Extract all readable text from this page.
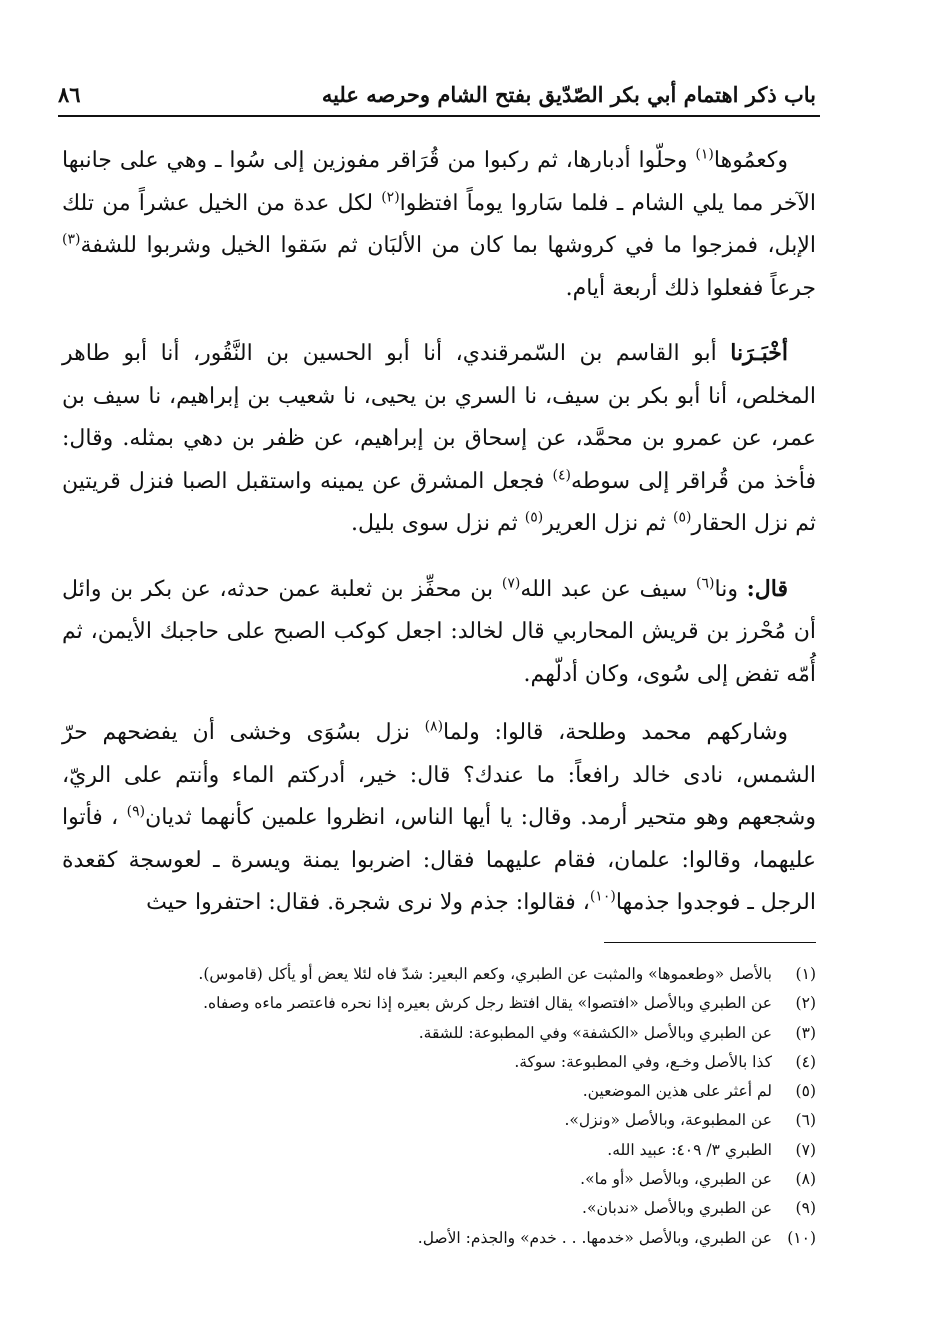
باب ذكر اهتمام أبي بكر الصّدّيق بفتح الشام وحرصه عليه
٨٦

وكعمُوها$^{(١)}$ وحلّوا أدبارها، ثم ركبوا من قُرَاقر مفوزين إلى سُوا ـ وهي على جانبها الآخر مما يلي الشام ـ فلما سَاروا يوماً افتظوا$^{(٢)}$ لكل عدة من الخيل عشراً من تلك الإبل، فمزجوا ما في كروشها بما كان من الألبَان ثم سَقوا الخيل وشربوا للشفة$^{(٣)}$ جرعاً ففعلوا ذلك أربعة أيام.

أخْبَـرَنا أبو القاسم بن السّمرقندي، أنا أبو الحسين بن النَّقُور، أنا أبو طاهر المخلص، أنا أبو بكر بن سيف، نا السري بن يحيى، نا شعيب بن إبراهيم، نا سيف بن عمر، عن عمرو بن محمَّد، عن إسحاق بن إبراهيم، عن ظفر بن دهي بمثله. وقال: فأخذ من قُراقر إلى سوطه$^{(٤)}$ فجعل المشرق عن يمينه واستقبل الصبا فنزل قريتين ثم نزل الحقار$^{(٥)}$ ثم نزل العرير$^{(٥)}$ ثم نزل سوى بليل.

قال: ونا$^{(٦)}$ سيف عن عبد الله$^{(٧)}$ بن محفِّز بن ثعلبة عمن حدثه، عن بكر بن وائل أن مُحْرز بن قريش المحاربي قال لخالد: اجعل كوكب الصبح على حاجبك الأيمن، ثم أُمّه تفض إلى سُوى، وكان أدلّهم.

وشاركهم محمد وطلحة، قالوا: ولما$^{(٨)}$ نزل بسُوَى وخشى أن يفضحهم حرّ الشمس، نادى خالد رافعاً: ما عندك؟ قال: خير، أدركتم الماء وأنتم على الريّ، وشجعهم وهو متحير أرمد. وقال: يا أيها الناس، انظروا علمين كأنهما ثديان$^{(٩)}$ ، فأتوا عليهما، وقالوا: علمان، فقام عليهما فقال: اضربوا يمنة ويسرة ـ لعوسجة كقعدة الرجل ـ فوجدوا جذمها$^{(١٠)}$، فقالوا: جذم ولا نرى شجرة. فقال: احتفروا حيث

(١)
بالأصل «وطعموها» والمثبت عن الطبري، وكعم البعير: شدّ فاه لئلا يعض أو يأكل (قاموس).
(٢)
عن الطبري وبالأصل «افتصوا» يقال افتظ رجل كرش بعيره إذا نحره فاعتصر ماءه وصفاه.
(٣)
عن الطبري وبالأصل «الكشفة» وفي المطبوعة: للشقة.
(٤)
كذا بالأصل وخـع، وفي المطبوعة: سوكة.
(٥)
لم أعثر على هذين الموضعين.
(٦)
عن المطبوعة، وبالأصل «ونزل».
(٧)
الطبري ٣/ ٤٠٩: عبيد الله.
(٨)
عن الطبري، وبالأصل «أو ما».
(٩)
عن الطبري وبالأصل «ندبان».
(١٠)
عن الطبري، وبالأصل «خدمها. . . خدم» والجذم: الأصل.
